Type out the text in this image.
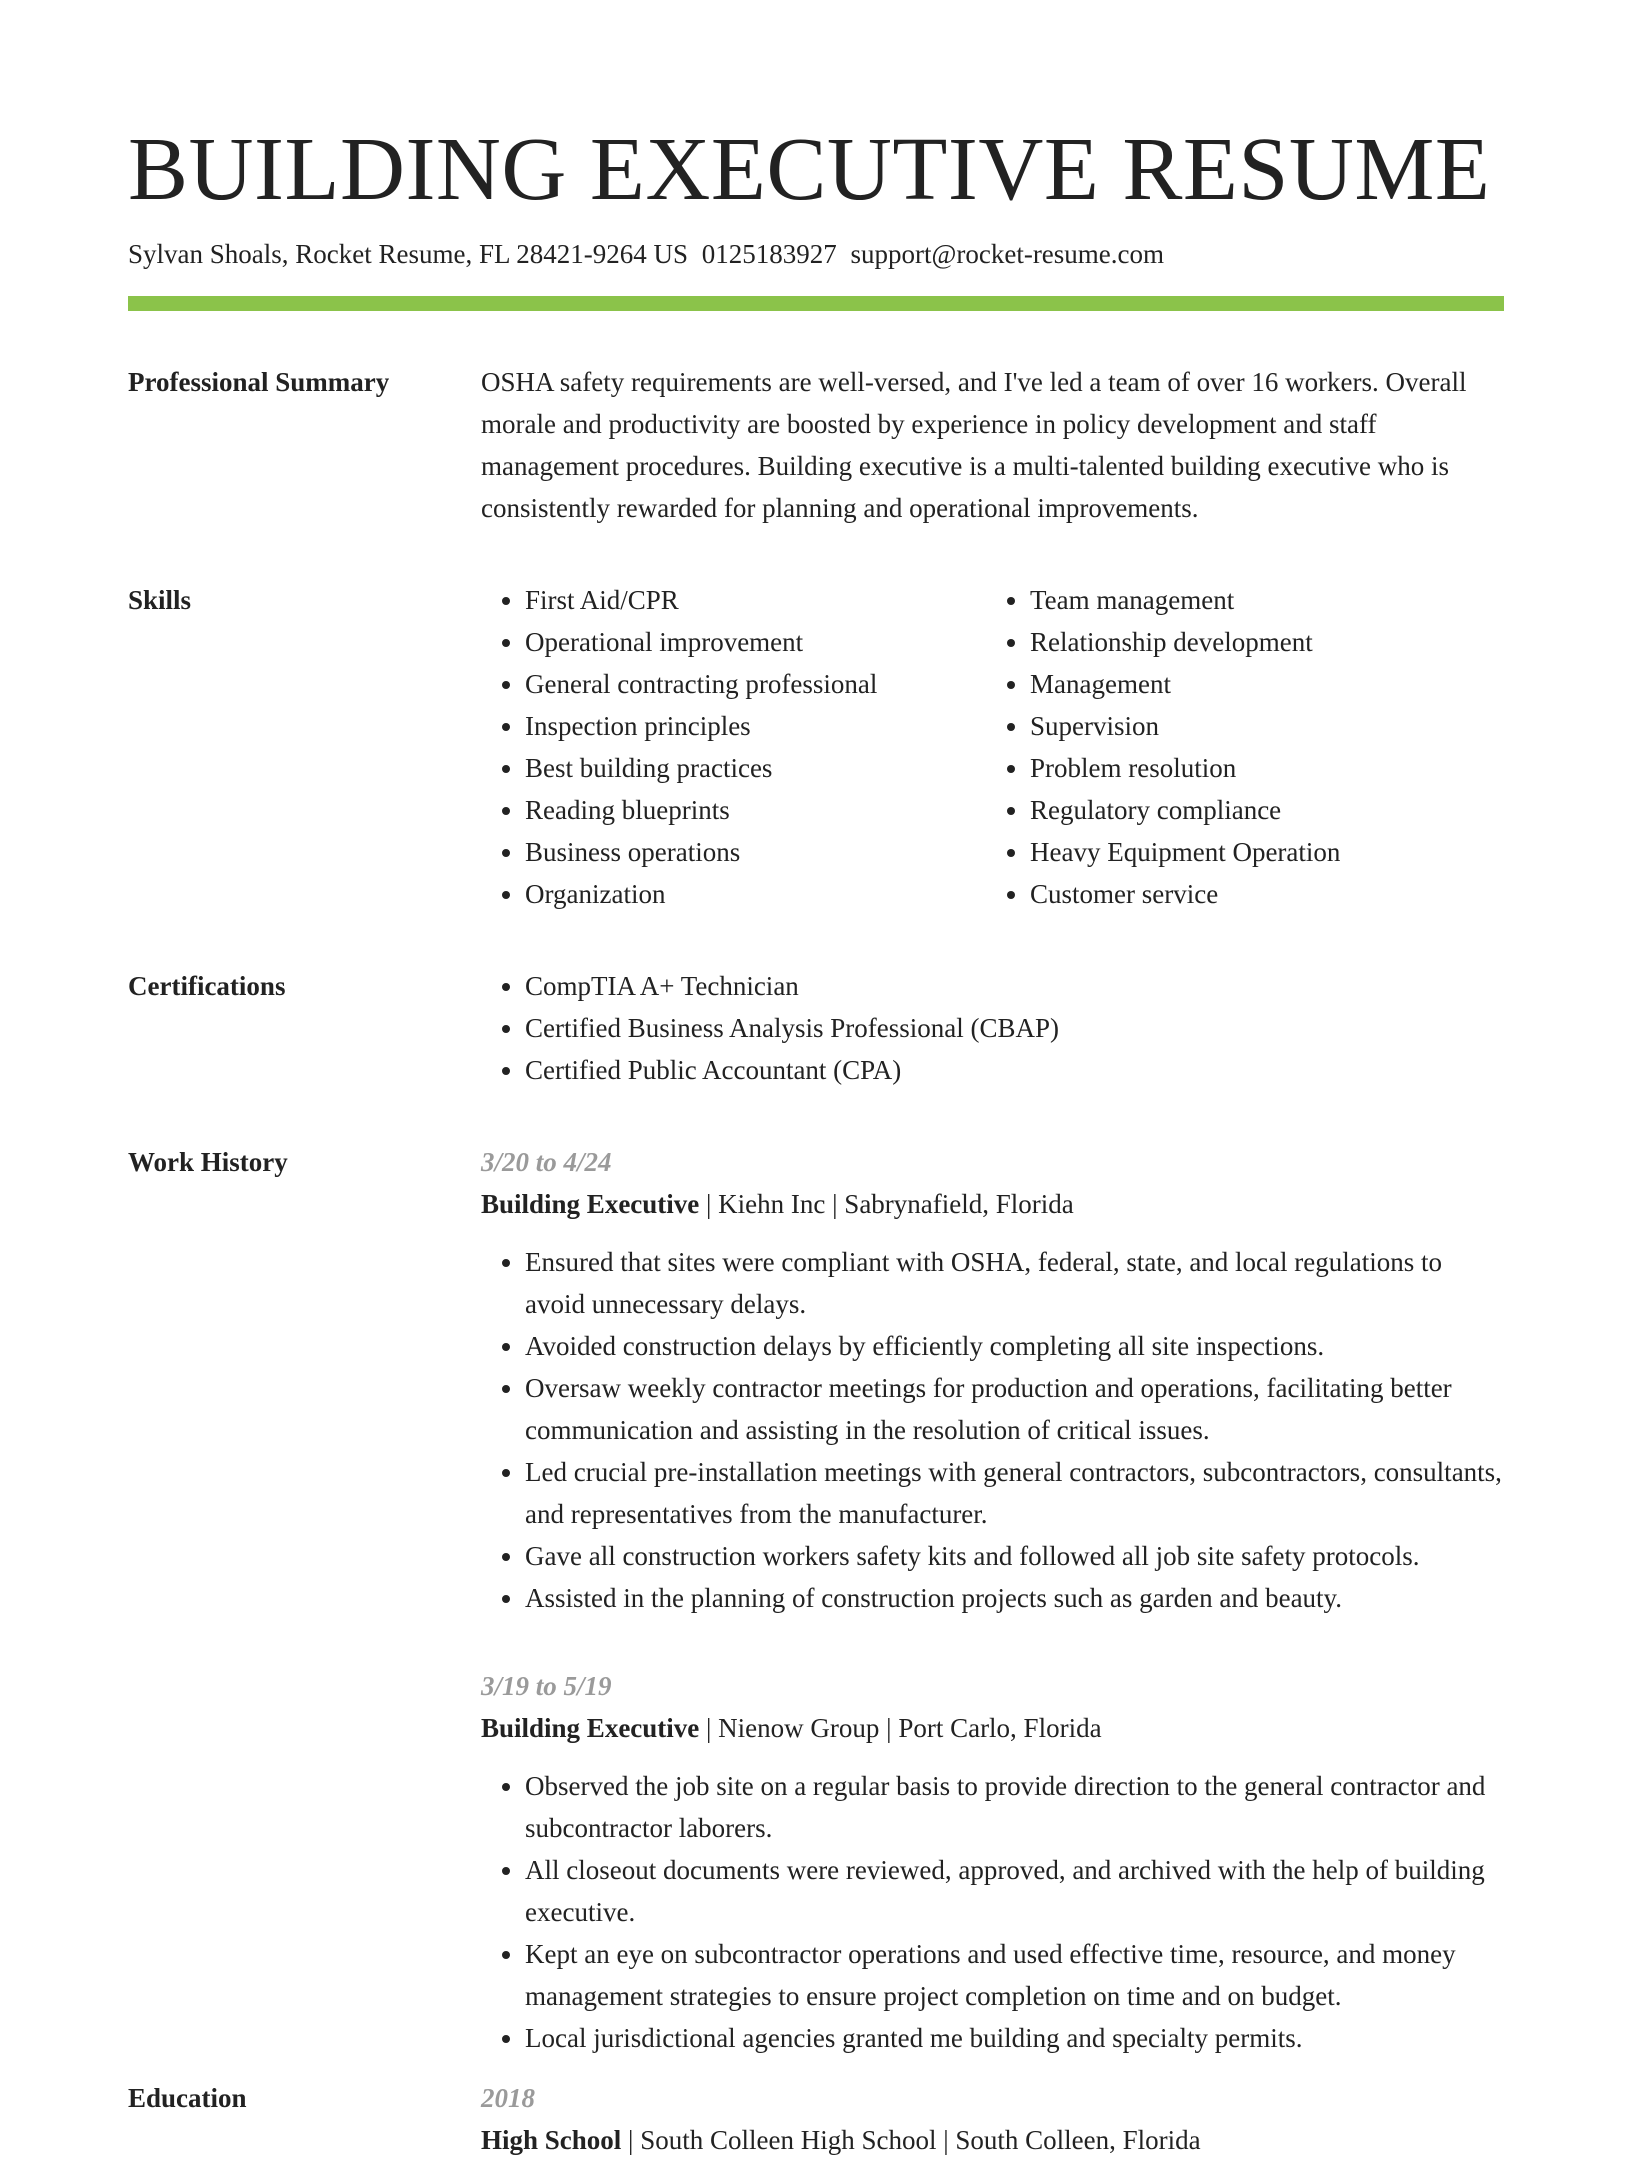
BUILDING EXECUTIVE RESUME
Sylvan Shoals, Rocket Resume, FL 28421-9264 US 0125183927 support@rocket-resume.com
Professional Summary	OSHA safety requirements are well-versed, and I've led a team of over 16 workers. Overall morale and productivity are boosted by experience in policy development and staff management procedures. Building executive is a multi-talented building executive who is consistently rewarded for planning and operational improvements.

Skills	• First Aid/CPR
• Operational improvement
• General contracting professional
• Inspection principles
• Best building practices
• Reading blueprints
• Business operations
• Organization
• Team management
• Relationship development
• Management
• Supervision
• Problem resolution
• Regulatory compliance
• Heavy Equipment Operation
• Customer service
Certifications	• CompTIA A+ Technician
• Certified Business Analysis Professional (CBAP)
• Certified Public Accountant (CPA)
Work History	3/20 to 4/24
Building Executive | Kiehn Inc | Sabrynafield, Florida
• Ensured that sites were compliant with OSHA, federal, state, and local regulations to avoid unnecessary delays.
• Avoided construction delays by efficiently completing all site inspections.
• Oversaw weekly contractor meetings for production and operations, facilitating better communication and assisting in the resolution of critical issues.
• Led crucial pre-installation meetings with general contractors, subcontractors, consultants, and representatives from the manufacturer.
• Gave all construction workers safety kits and followed all job site safety protocols.
• Assisted in the planning of construction projects such as garden and beauty.
3/19 to 5/19
Building Executive | Nienow Group | Port Carlo, Florida
• Observed the job site on a regular basis to provide direction to the general contractor and subcontractor laborers.
• All closeout documents were reviewed, approved, and archived with the help of building executive.
• Kept an eye on subcontractor operations and used effective time, resource, and money management strategies to ensure project completion on time and on budget.
• Local jurisdictional agencies granted me building and specialty permits.
Education	2018
High School | South Colleen High School | South Colleen, Florida
